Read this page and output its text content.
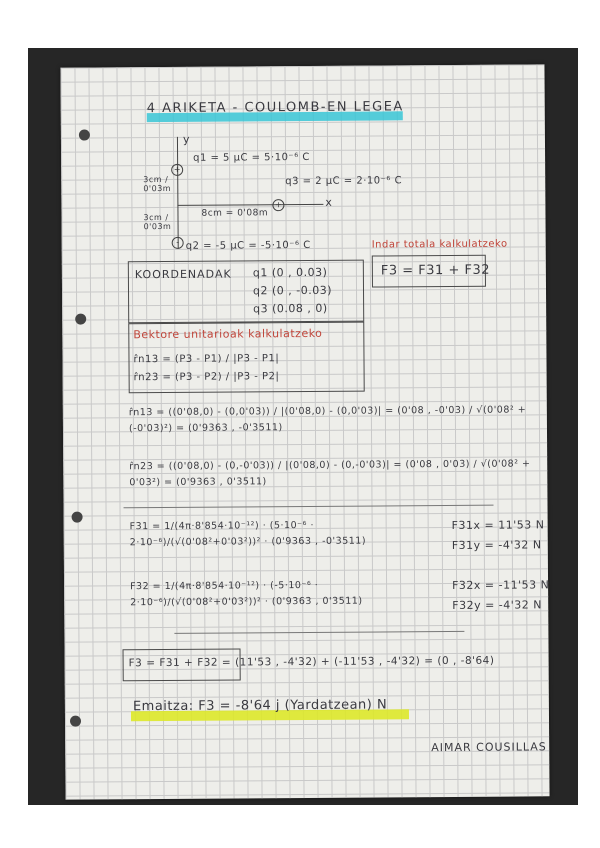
4 ARIKETA - COULOMB-EN LEGEA
y
x
+
+
-
q1 = 5 μC = 5·10⁻⁶ C
q3 = 2 μC = 2·10⁻⁶ C
q2 = -5 μC = -5·10⁻⁶ C
3cm / 0'03m
3cm / 0'03m
8cm = 0'08m
Indar totala kalkulatzeko
F3 = F31 + F32
KOORDENADAK q1 (0 , 0.03)
q2 (0 , -0.03)
q3 (0.08 , 0)
Bektore unitarioak kalkulatzeko
r̂n13 = (P3 - P1) / |P3 - P1|
r̂n23 = (P3 - P2) / |P3 - P2|
r̂n13 = ((0'08,0) - (0,0'03)) / |(0'08,0) - (0,0'03)| = (0'08 , -0'03) / √(0'08² + (-0'03)²) = (0'9363 , -0'3511)
r̂n23 = ((0'08,0) - (0,-0'03)) / |(0'08,0) - (0,-0'03)| = (0'08 , 0'03) / √(0'08² + 0'03²) = (0'9363 , 0'3511)
F31 = 1/(4π·8'854·10⁻¹²) · (5·10⁻⁶ · 2·10⁻⁶)/(√(0'08²+0'03²))² · (0'9363 , -0'3511)
F31x = 11'53 N
F31y = -4'32 N
F32 = 1/(4π·8'854·10⁻¹²) · (-5·10⁻⁶ · 2·10⁻⁶)/(√(0'08²+0'03²))² · (0'9363 , 0'3511)
F32x = -11'53 N
F32y = -4'32 N
F3 = F31 + F32 = (11'53 , -4'32) + (-11'53 , -4'32) = (0 , -8'64)
Emaitza: F3 = -8'64 j (Yardatzean) N
AIMAR COUSILLAS
